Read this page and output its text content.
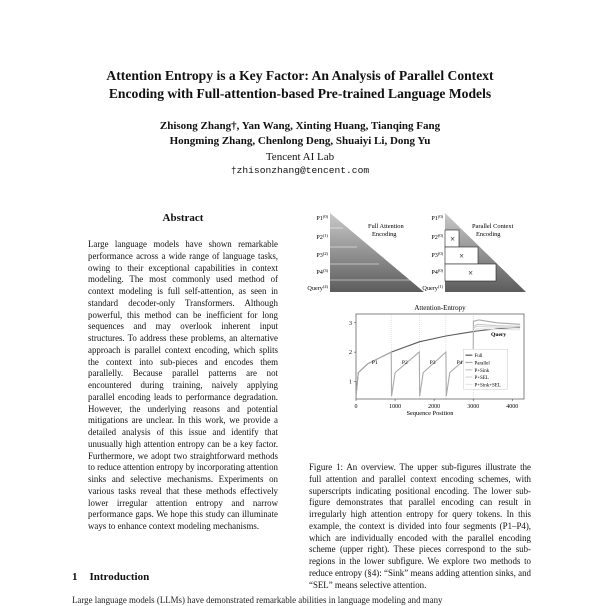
Attention Entropy is a Key Factor: An Analysis of Parallel Context
Encoding with Full-attention-based Pre-trained Language Models
Zhisong Zhang†, Yan Wang, Xinting Huang, Tianqing Fang
Hongming Zhang, Chenlong Deng, Shuaiyi Li, Dong Yu
Tencent AI Lab
†zhisonzhang@tencent.com
Abstract
Large language models have shown remarkable performance across a wide range of language tasks, owing to their exceptional capabilities in context modeling. The most commonly used method of context modeling is full self-attention, as seen in standard decoder-only Transformers. Although powerful, this method can be inefficient for long sequences and may overlook inherent input structures. To address these problems, an alternative approach is parallel context encoding, which splits the context into sub-pieces and encodes them parallelly. Because parallel patterns are not encountered during training, naively applying parallel encoding leads to performance degradation. However, the underlying reasons and potential mitigations are unclear. In this work, we provide a detailed analysis of this issue and identify that unusually high attention entropy can be a key factor. Furthermore, we adopt two straightforward methods to reduce attention entropy by incorporating attention sinks and selective mechanisms. Experiments on various tasks reveal that these methods effectively lower irregular attention entropy and narrow performance gaps. We hope this study can illuminate ways to enhance context modeling mechanisms.
1 Introduction
Large language models (LLMs) have demonstrated remarkable abilities in language modeling and many
Full Attention
Encoding
P1$^{(0)}$
P2$^{(1)}$
P3$^{(2)}$
P4$^{(3)}$
Query$^{(4)}$
×
×
×
Parallel Context
Encoding
P1$^{(0)}$
P2$^{(0)}$
P3$^{(0)}$
P4$^{(0)}$
Query$^{(1)}$
Attention-Entropy
0	1000	2000	3000	4000
1
2
3
Sequence Position
P1	P2	P3	P4
Query
Full
Parallel
P+Sink
P+SEL
P+Sink+SEL
Figure 1: An overview. The upper sub-figures illustrate the full attention and parallel context encoding schemes, with superscripts indicating positional encoding. The lower sub-figure demonstrates that parallel encoding can result in irregularly high attention entropy for query tokens. In this example, the context is divided into four segments (P1–P4), which are individually encoded with the parallel encoding scheme (upper right). These pieces correspond to the sub-regions in the lower subfigure. We explore two methods to reduce entropy (§4): “Sink” means adding attention sinks, and “SEL” means selective attention.
